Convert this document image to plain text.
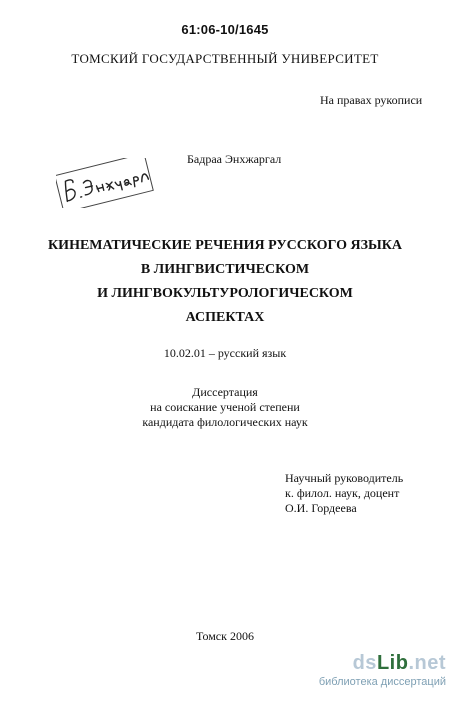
61:06-10/1645
ТОМСКИЙ ГОСУДАРСТВЕННЫЙ УНИВЕРСИТЕТ
На правах рукописи
Бадраа Энхжаргал
КИНЕМАТИЧЕСКИЕ РЕЧЕНИЯ РУССКОГО ЯЗЫКА
В ЛИНГВИСТИЧЕСКОМ
И ЛИНГВОКУЛЬТУРОЛОГИЧЕСКОМ
АСПЕКТАХ
10.02.01 – русский язык
Диссертация
на соискание ученой степени
кандидата филологических наук
Научный руководитель
к. филол. наук, доцент
О.И. Гордеева
Томск 2006
ds Lib .net
библиотека диссертаций
